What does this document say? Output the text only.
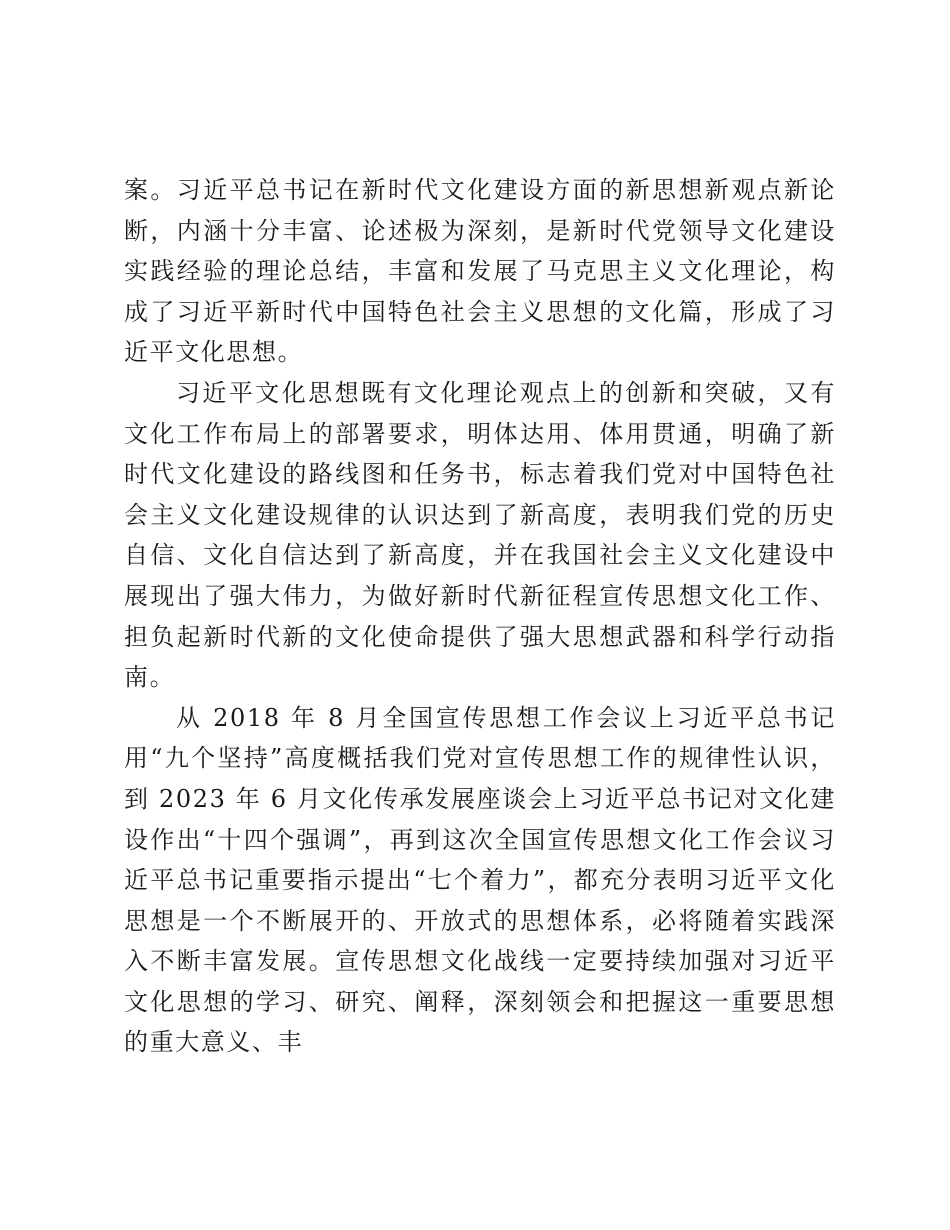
案。习近平总书记在新时代文化建设方面的新思想新观点新论断，内涵十分丰富、论述极为深刻，是新时代党领导文化建设实践经验的理论总结，丰富和发展了马克思主义文化理论，构成了习近平新时代中国特色社会主义思想的文化篇，形成了习近平文化思想。

习近平文化思想既有文化理论观点上的创新和突破，又有文化工作布局上的部署要求，明体达用、体用贯通，明确了新时代文化建设的路线图和任务书，标志着我们党对中国特色社会主义文化建设规律的认识达到了新高度，表明我们党的历史自信、文化自信达到了新高度，并在我国社会主义文化建设中展现出了强大伟力，为做好新时代新征程宣传思想文化工作、担负起新时代新的文化使命提供了强大思想武器和科学行动指南。

从 2018 年 8 月全国宣传思想工作会议上习近平总书记用“九个坚持”高度概括我们党对宣传思想工作的规律性认识，到 2023 年 6 月文化传承发展座谈会上习近平总书记对文化建设作出“十四个强调”，再到这次全国宣传思想文化工作会议习近平总书记重要指示提出“七个着力”，都充分表明习近平文化思想是一个不断展开的、开放式的思想体系，必将随着实践深入不断丰富发展。宣传思想文化战线一定要持续加强对习近平文化思想的学习、研究、阐释，深刻领会和把握这一重要思想的重大意义、丰
